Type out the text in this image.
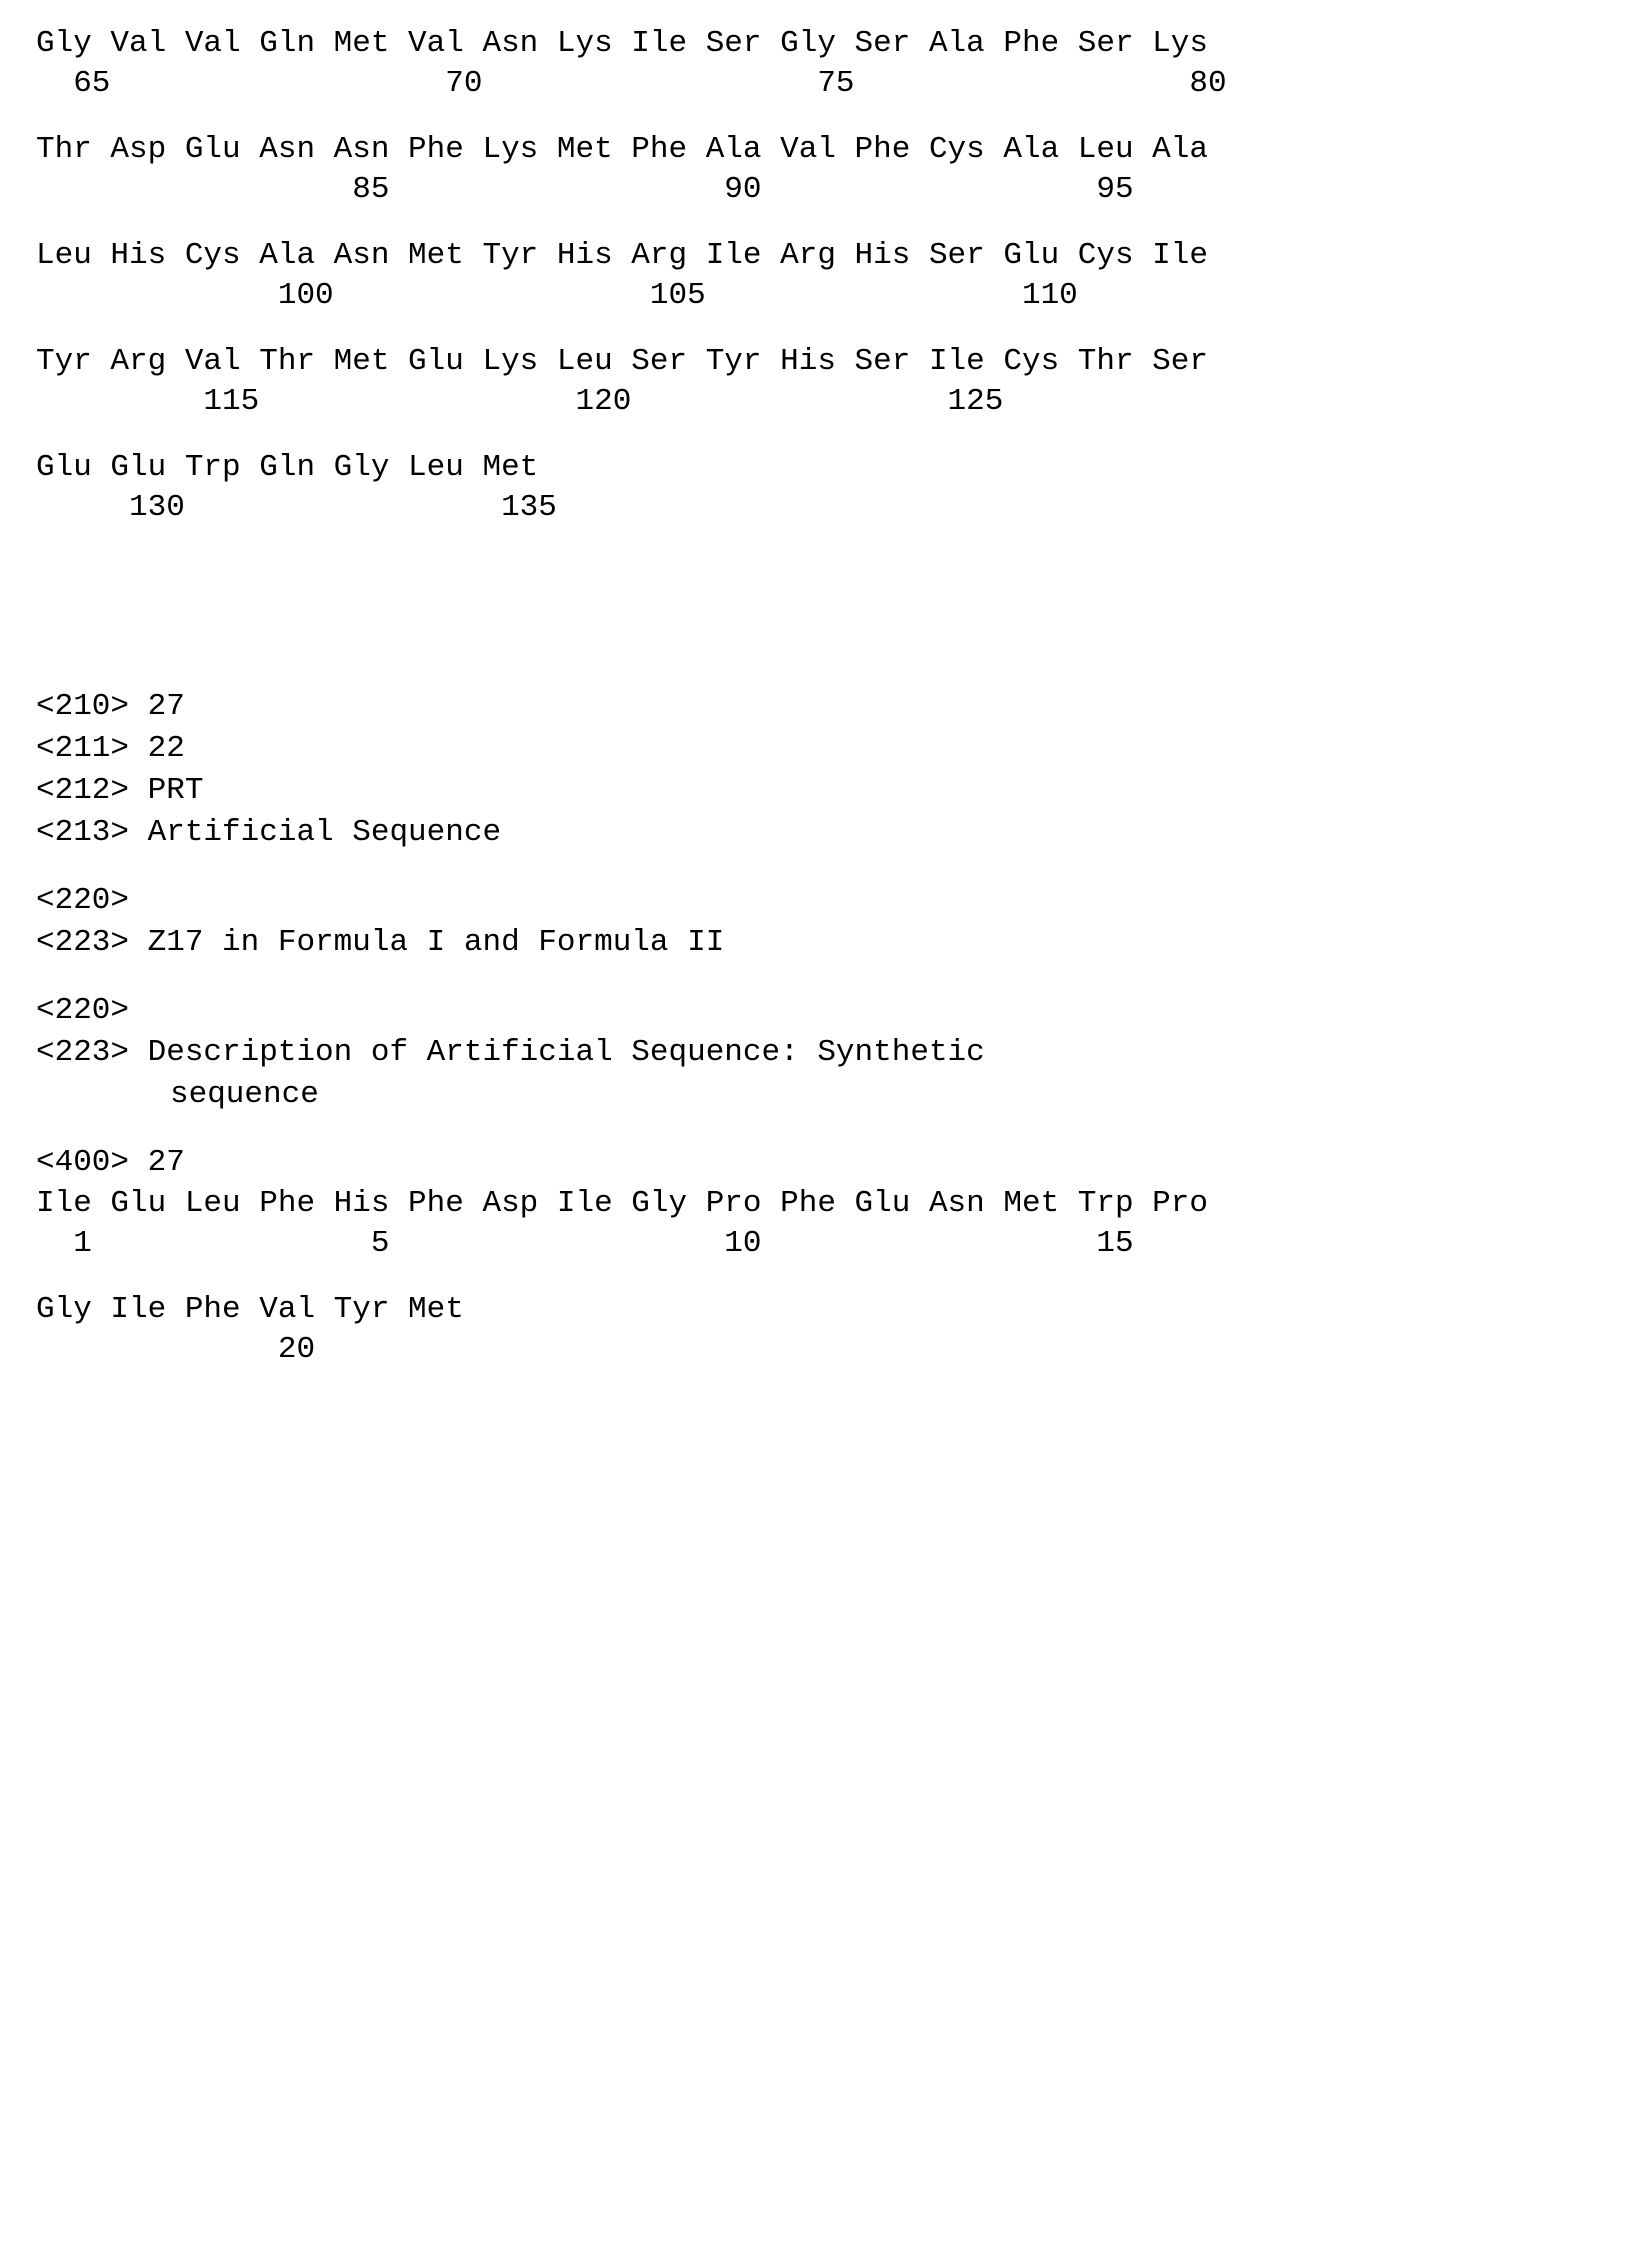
Gly Val Val Gln Met Val Asn Lys Ile Ser Gly Ser Ala Phe Ser Lys
65                  70                  75                  80
Thr Asp Glu Asn Asn Phe Lys Met Phe Ala Val Phe Cys Ala Leu Ala
85                  90                  95
Leu His Cys Ala Asn Met Tyr His Arg Ile Arg His Ser Glu Cys Ile
100                 105                 110
Tyr Arg Val Thr Met Glu Lys Leu Ser Tyr His Ser Ile Cys Thr Ser
115                 120                 125
Glu Glu Trp Gln Gly Leu Met
130                 135
<210> 27
<211> 22
<212> PRT
<213> Artificial Sequence
<220>
<223> Z17 in Formula I and Formula II
<220>
<223> Description of Artificial Sequence: Synthetic
sequence
<400> 27
Ile Glu Leu Phe His Phe Asp Ile Gly Pro Phe Glu Asn Met Trp Pro
1               5                  10                  15
Gly Ile Phe Val Tyr Met
20
